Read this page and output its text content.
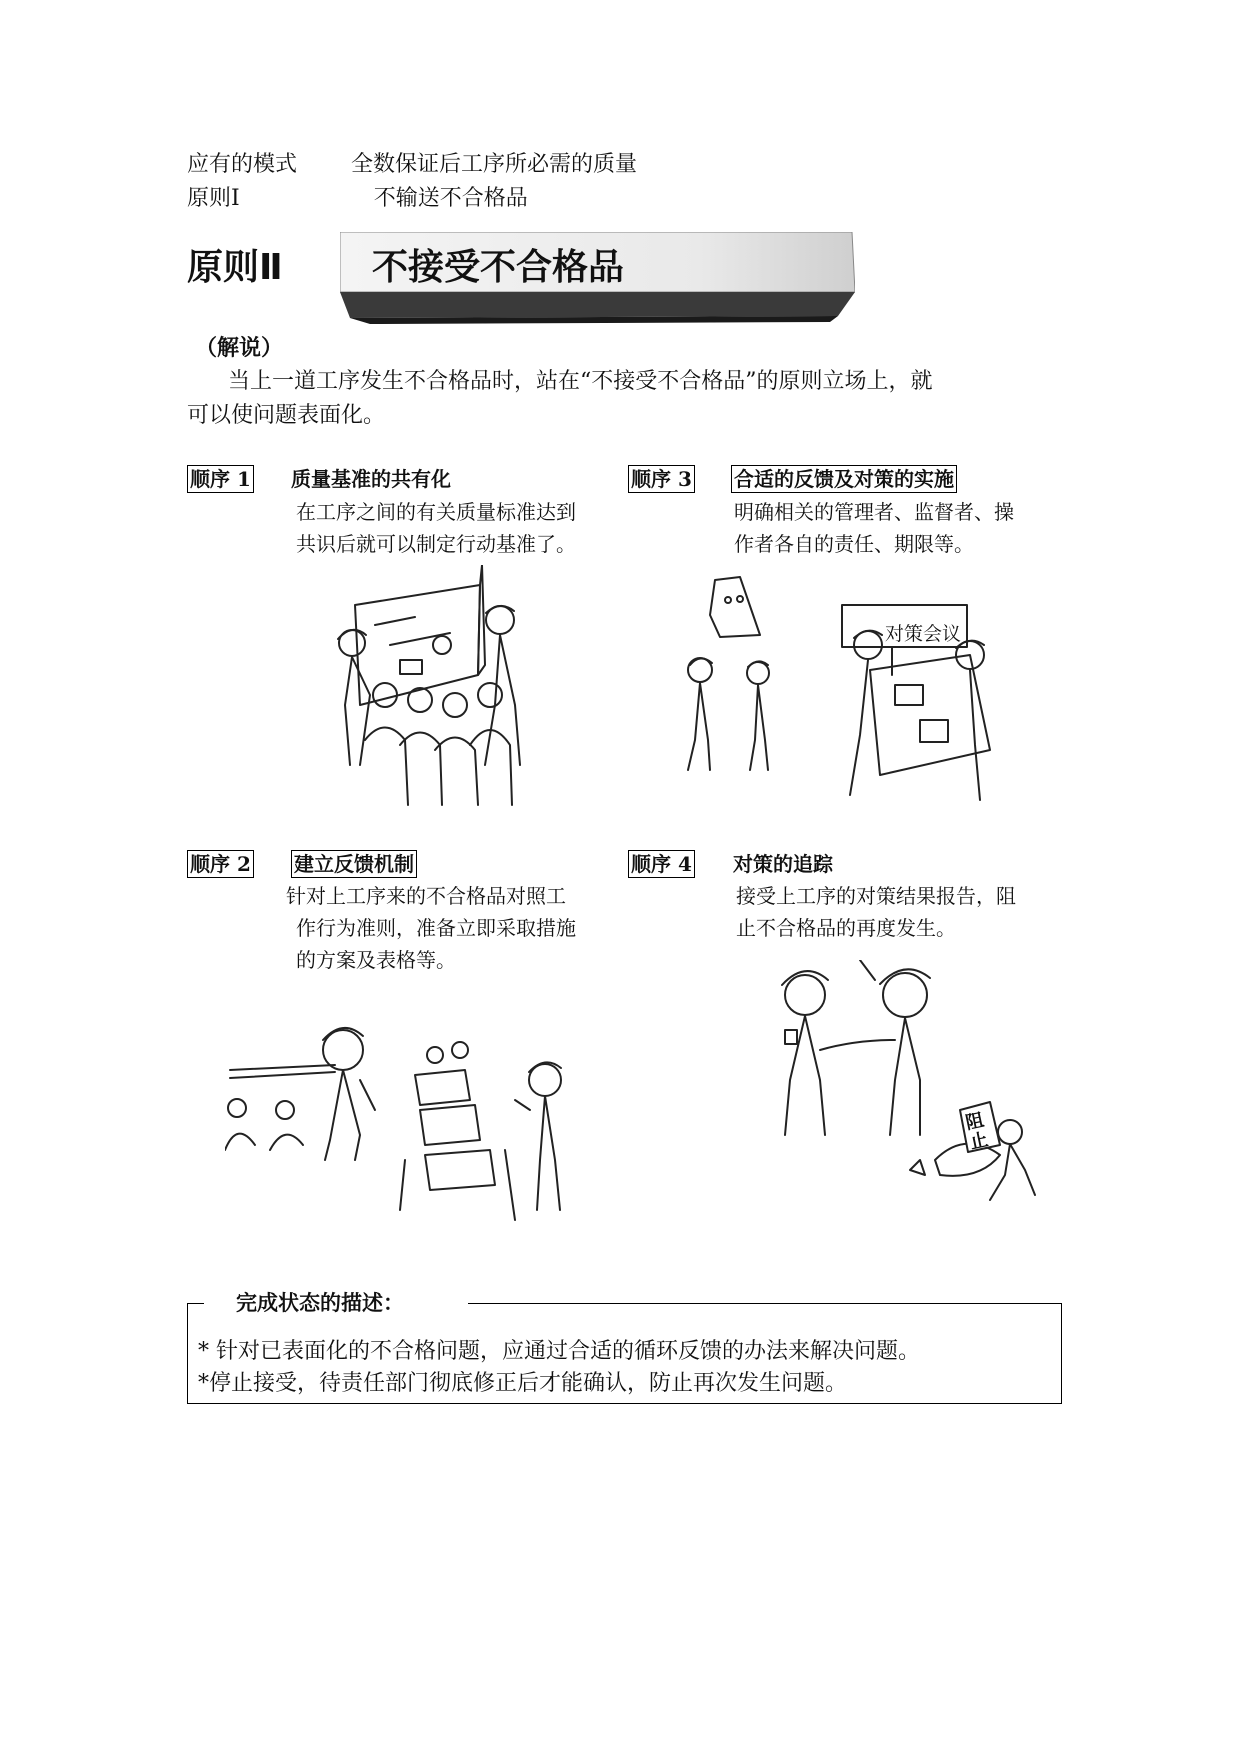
应有的模式 全数保证后工序所必需的质量
原则Ⅰ	不输送不合格品
原则Ⅱ 不接受不合格品
（解说）
当上一道工序发生不合格品时，站在“不接受不合格品”的原则立场上，就
可以使问题表面化。
顺序 1 质量基准的共有化
在工序之间的有关质量标准达到
共识后就可以制定行动基准了。
顺序 3 合适的反馈及对策的实施
明确相关的管理者、监督者、操
作者各自的责任、期限等。
对策会议
顺序 2 建立反馈机制
针对上工序来的不合格品对照工
作行为准则，准备立即采取措施
的方案及表格等。
顺序 4 对策的追踪
接受上工序的对策结果报告，阻
止不合格品的再度发生。
阻止
完成状态的描述：
* 针对已表面化的不合格问题，应通过合适的循环反馈的办法来解决问题。
*停止接受，待责任部门彻底修正后才能确认，防止再次发生问题。
